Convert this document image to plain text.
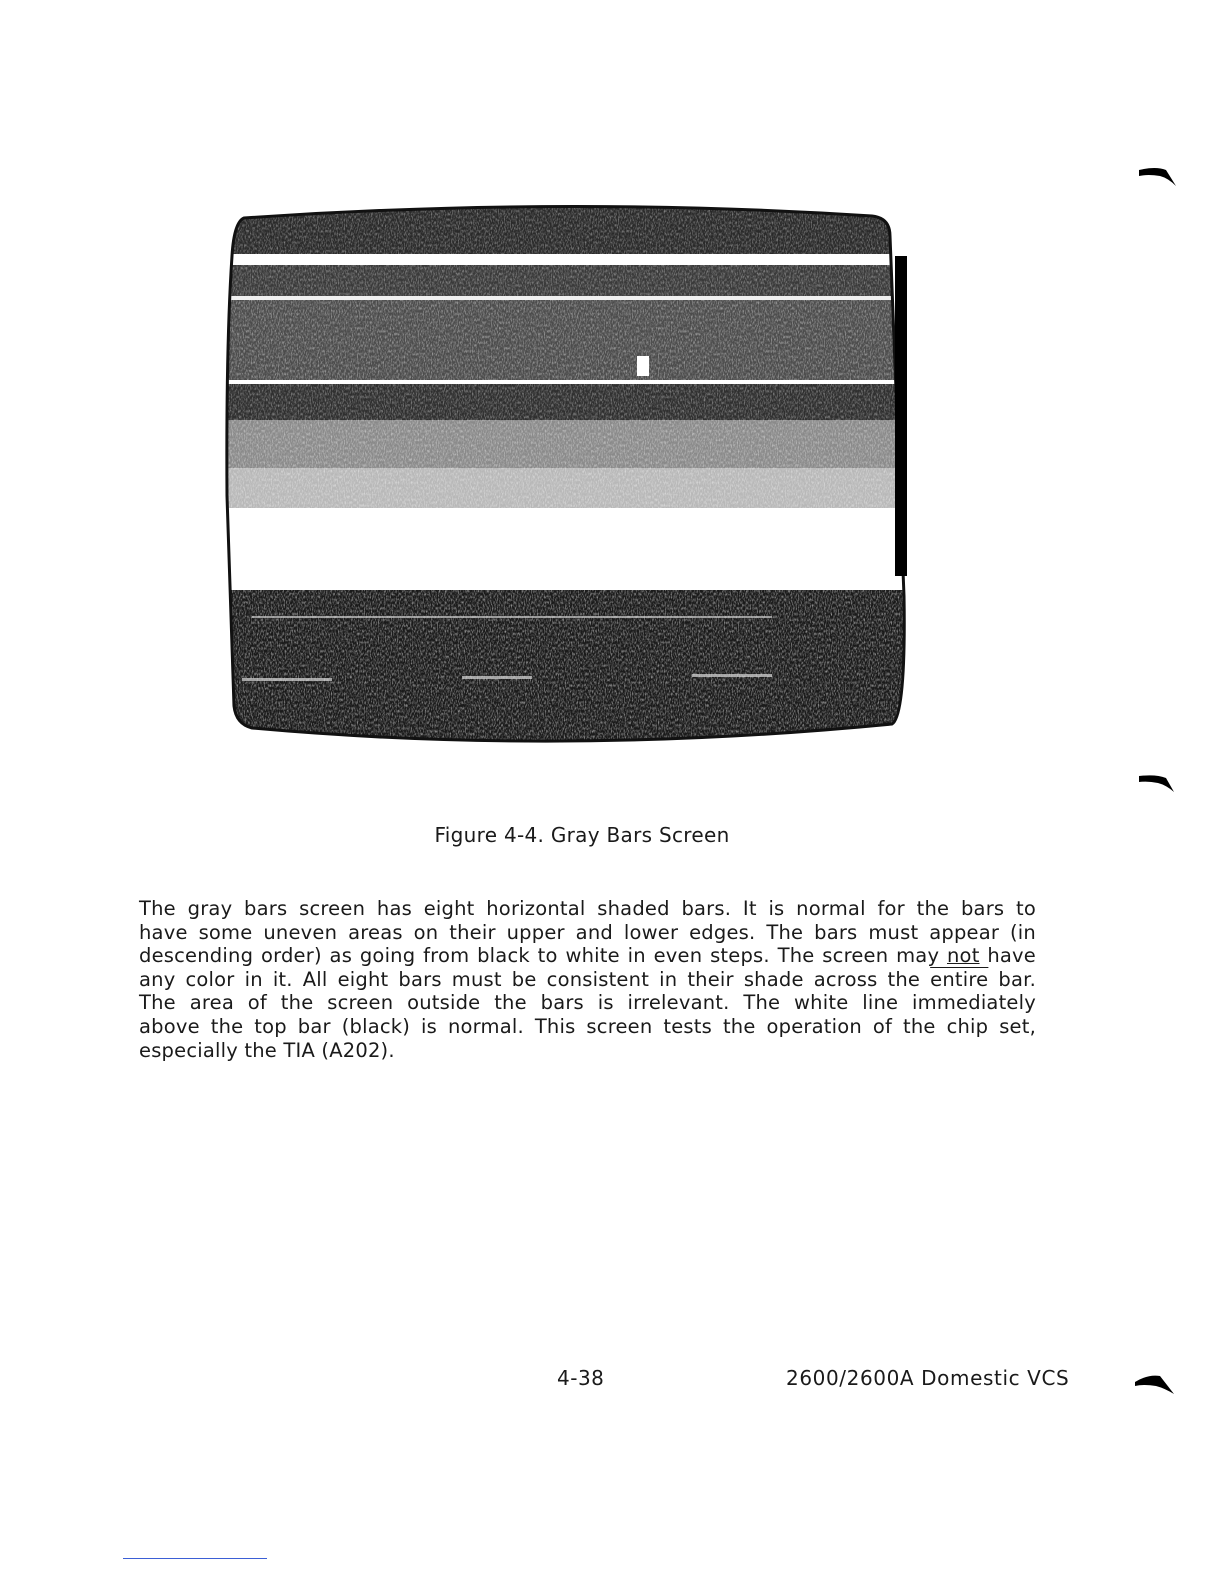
Figure 4-4. Gray Bars Screen
The gray bars screen has eight horizontal shaded bars. It is normal for the bars to
have some uneven areas on their upper and lower edges. The bars must appear (in
descending order) as going from black to white in even steps. The screen may not have
any color in it. All eight bars must be consistent in their shade across the entire bar.
The area of the screen outside the bars is irrelevant. The white line immediately
above the top bar (black) is normal. This screen tests the operation of the chip set,
especially the TIA (A202).
4-38	2600/2600A Domestic VCS
